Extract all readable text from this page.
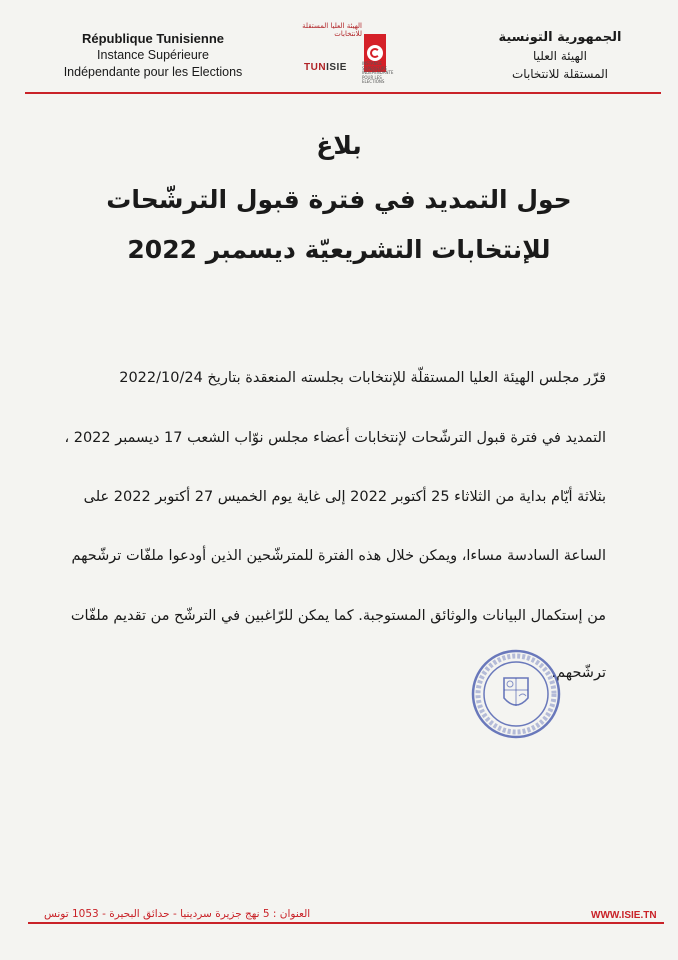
République Tunisienne
Instance Supérieure
Indépendante pour les Elections
الهيئة العليا المستقلة للانتخابات
TUNISIE	INSTANCE SUPERIEURE INDEPENDANTE POUR LES ELECTIONS
الجمهورية التونسية
الهيئة العليا
المستقلة للانتخابات
بلاغ
حول التمديد في فترة قبول الترشّحات
للإنتخابات التشريعيّة ديسمبر 2022
قرّر مجلس الهيئة العليا المستقلّة للإنتخابات بجلسته المنعقدة بتاريخ 2022/10/24
التمديد في فترة قبول الترشّحات لإنتخابات أعضاء مجلس نوّاب الشعب 17 ديسمبر 2022 ،
بثلاثة أيّام بداية من الثلاثاء 25 أكتوبر 2022 إلى غاية يوم الخميس 27 أكتوبر 2022 على
الساعة السادسة مساءا، ويمكن خلال هذه الفترة للمترشّحين الذين أودعوا ملفّات ترشّحهم
من إستكمال البيانات والوثائق المستوجبة. كما يمكن للرّاغبين في الترشّح من تقديم ملفّات
ترشّحهم.
العنوان : 5 نهج جزيرة سردينيا - حدائق البحيرة - 1053 تونس	WWW.ISIE.TN
